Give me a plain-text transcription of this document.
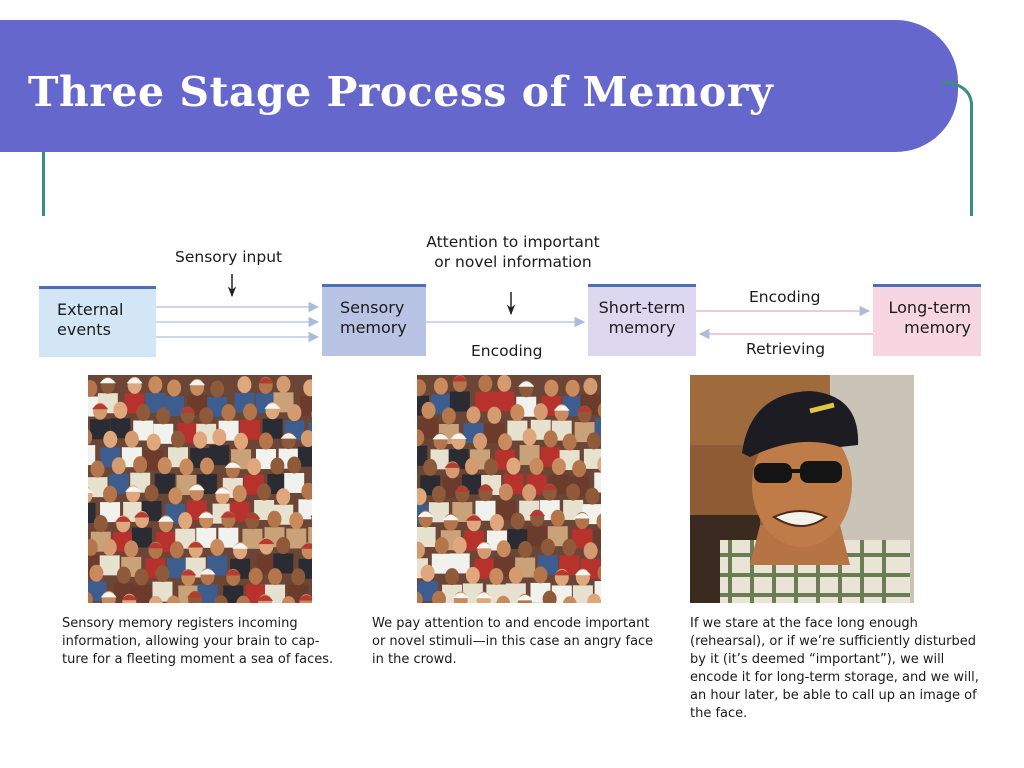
Three Stage Process of Memory
External
events
Sensory
memory
Short-term
memory
Long-term
memory
Sensory input
Attention to important
or novel information
Encoding
Encoding
Retrieving

Sensory memory registers incoming
information, allowing your brain to cap-
ture for a fleeting moment a sea of faces.

We pay attention to and encode important
or novel stimuli—in this case an angry face
in the crowd.

If we stare at the face long enough
(rehearsal), or if we’re sufficiently disturbed
by it (it’s deemed “important”), we will
encode it for long-term storage, and we will,
an hour later, be able to call up an image of
the face.
